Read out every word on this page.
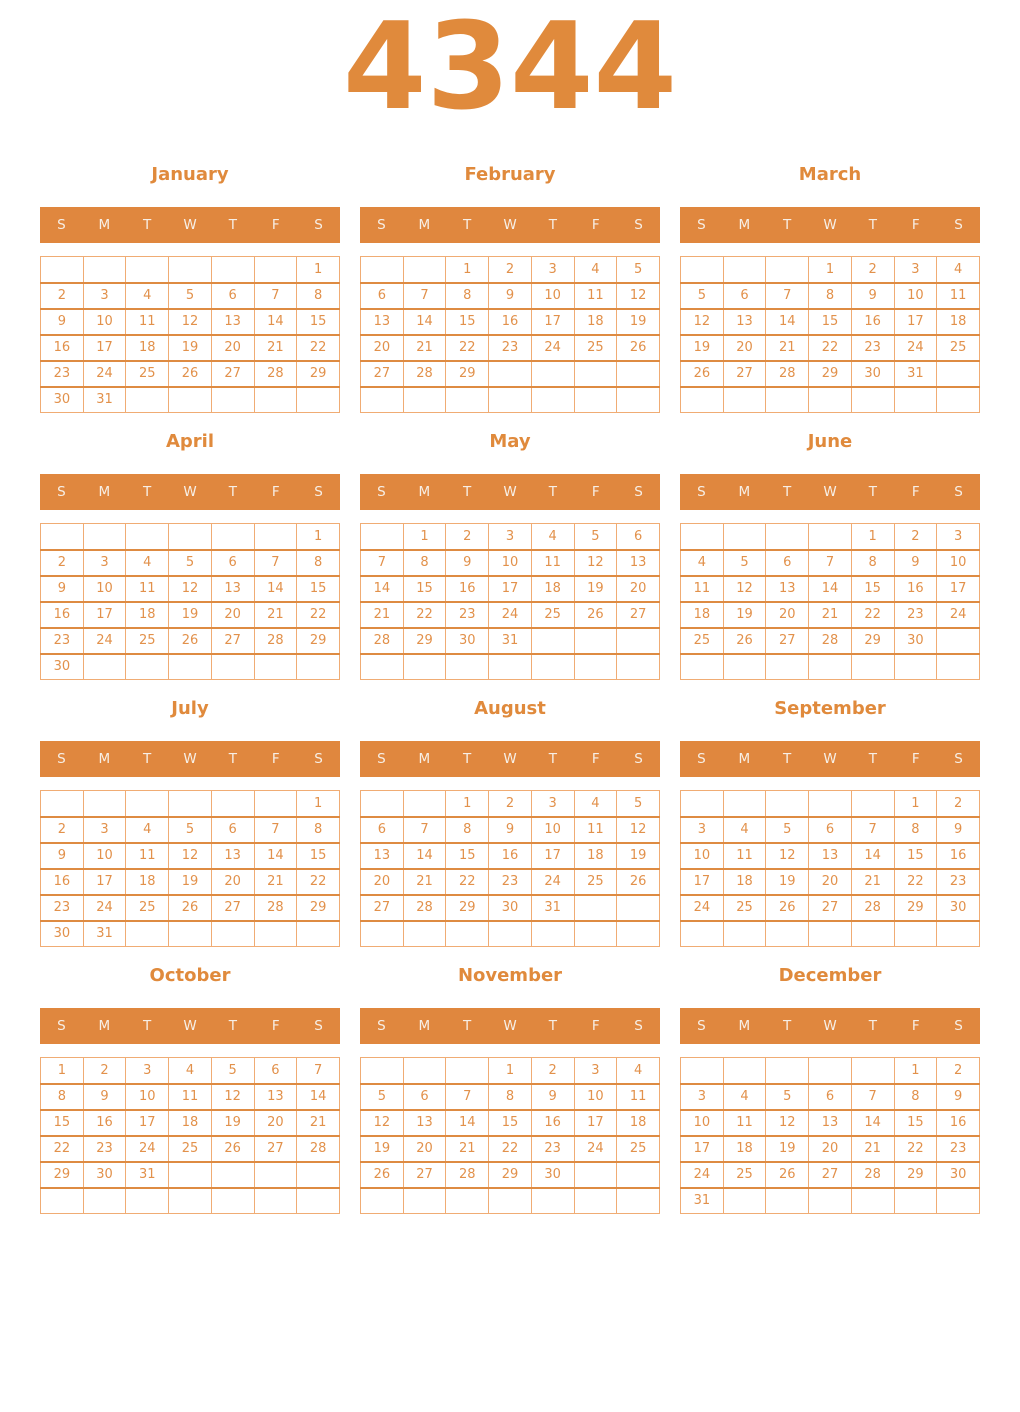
4344
January
S	M	T	W	T	F	S
						1
2	3	4	5	6	7	8
9	10	11	12	13	14	15
16	17	18	19	20	21	22
23	24	25	26	27	28	29
30	31					
February
S	M	T	W	T	F	S
		1	2	3	4	5
6	7	8	9	10	11	12
13	14	15	16	17	18	19
20	21	22	23	24	25	26
27	28	29				

March
S	M	T	W	T	F	S
			1	2	3	4
5	6	7	8	9	10	11
12	13	14	15	16	17	18
19	20	21	22	23	24	25
26	27	28	29	30	31	

April
S	M	T	W	T	F	S
						1
2	3	4	5	6	7	8
9	10	11	12	13	14	15
16	17	18	19	20	21	22
23	24	25	26	27	28	29
30						
May
S	M	T	W	T	F	S
	1	2	3	4	5	6
7	8	9	10	11	12	13
14	15	16	17	18	19	20
21	22	23	24	25	26	27
28	29	30	31			

June
S	M	T	W	T	F	S
				1	2	3
4	5	6	7	8	9	10
11	12	13	14	15	16	17
18	19	20	21	22	23	24
25	26	27	28	29	30	

July
S	M	T	W	T	F	S
						1
2	3	4	5	6	7	8
9	10	11	12	13	14	15
16	17	18	19	20	21	22
23	24	25	26	27	28	29
30	31					
August
S	M	T	W	T	F	S
		1	2	3	4	5
6	7	8	9	10	11	12
13	14	15	16	17	18	19
20	21	22	23	24	25	26
27	28	29	30	31		

September
S	M	T	W	T	F	S
					1	2
3	4	5	6	7	8	9
10	11	12	13	14	15	16
17	18	19	20	21	22	23
24	25	26	27	28	29	30

October
S	M	T	W	T	F	S
1	2	3	4	5	6	7
8	9	10	11	12	13	14
15	16	17	18	19	20	21
22	23	24	25	26	27	28
29	30	31				

November
S	M	T	W	T	F	S
			1	2	3	4
5	6	7	8	9	10	11
12	13	14	15	16	17	18
19	20	21	22	23	24	25
26	27	28	29	30		

December
S	M	T	W	T	F	S
					1	2
3	4	5	6	7	8	9
10	11	12	13	14	15	16
17	18	19	20	21	22	23
24	25	26	27	28	29	30
31						
